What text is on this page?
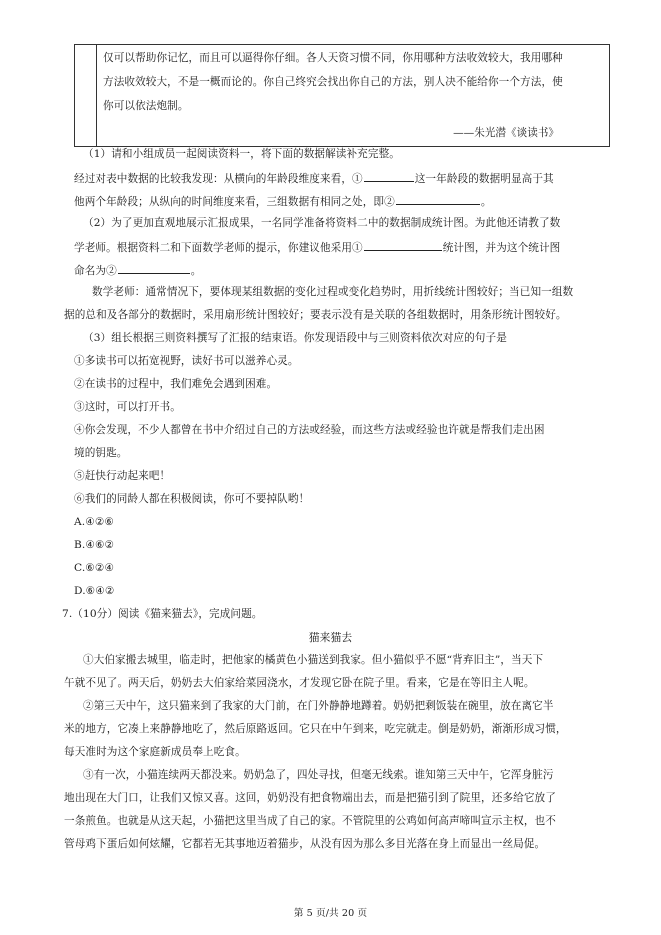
仅可以帮助你记忆，而且可以逼得你仔细。各人天资习惯不同，你用哪种方法收效较大，我用哪种
方法收效较大，不是一概而论的。你自己终究会找出你自己的方法，别人决不能给你一个方法，使
你可以依法炮制。
——朱光潜《谈读书》
（1）请和小组成员一起阅读资料一，将下面的数据解读补充完整。
经过对表中数据的比较我发现：从横向的年龄段维度来看，①	这一年龄段的数据明显高于其
他两个年龄段；从纵向的时间维度来看，三组数据有相同之处，即②	。
（2）为了更加直观地展示汇报成果，一名同学准备将资料二中的数据制成统计图。为此他还请教了数
学老师。根据资料二和下面数学老师的提示，你建议他采用①	统计图，并为这个统计图
命名为②	。
数学老师：通常情况下，要体现某组数据的变化过程或变化趋势时，用折线统计图较好；当已知一组数
据的总和及各部分的数据时，采用扇形统计图较好；要表示没有是关联的各组数据时，用条形统计图较好。
（3）组长根据三则资料撰写了汇报的结束语。你发现语段中与三则资料依次对应的句子是
①多读书可以拓宽视野，读好书可以滋养心灵。
②在读书的过程中，我们难免会遇到困难。
③这时，可以打开书。
④你会发现，不少人都曾在书中介绍过自己的方法或经验，而这些方法或经验也许就是帮我们走出困
境的钥匙。
⑤赶快行动起来吧！
⑥我们的同龄人都在积极阅读，你可不要掉队哟！
A.④②⑥
B.④⑥②
C.⑥②④
D.⑥④②
7.（10分）阅读《猫来猫去》，完成问题。
猫来猫去
①大伯家搬去城里，临走时，把他家的橘黄色小猫送到我家。但小猫似乎不愿“背弃旧主”，当天下
午就不见了。两天后，奶奶去大伯家给菜园浇水，才发现它卧在院子里。看来，它是在等旧主人呢。
②第三天中午，这只猫来到了我家的大门前，在门外静静地蹲着。奶奶把剩饭装在碗里，放在离它半
米的地方，它凑上来静静地吃了，然后原路返回。它只在中午到来，吃完就走。倒是奶奶，渐渐形成习惯，
每天准时为这个家庭新成员奉上吃食。
③有一次，小猫连续两天都没来。奶奶急了，四处寻找，但毫无线索。谁知第三天中午，它浑身脏污
地出现在大门口，让我们又惊又喜。这回，奶奶没有把食物端出去，而是把猫引到了院里，还多给它放了
一条煎鱼。也就是从这天起，小猫把这里当成了自己的家。不管院里的公鸡如何高声啼叫宣示主权，也不
管母鸡下蛋后如何炫耀，它都若无其事地迈着猫步，从没有因为那么多目光落在身上而显出一丝局促。
第 5 页/共 20 页
